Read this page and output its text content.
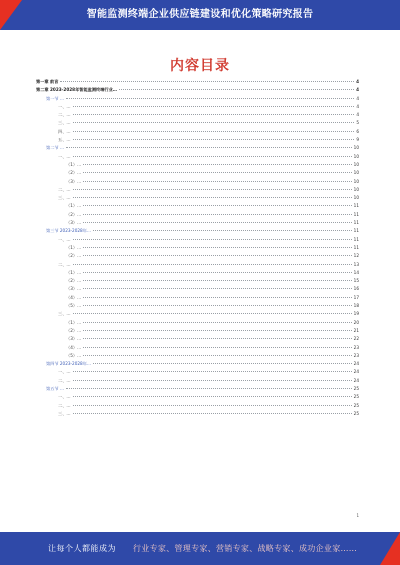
智能监测终端企业供应链建设和优化策略研究报告
内容目录
第一章 前言	4
第二章 2023-2028年智能监测终端行业…	4
第一节 …	4
一、…	4
二、…	4
三、…	5
四、…	6
五、…	9
第二节 …	10
一、…	10
（1）…	10
（2）…	10
（3）…	10
二、…	10
三、…	10
（1）…	11
（2）…	11
（3）…	11
第三节 2023-2028年…	11
一、…	11
（1）…	11
（2）…	12
二、…	13
（1）…	14
（2）…	15
（3）…	16
（4）…	17
（5）…	18
三、…	19
（1）…	20
（2）…	21
（3）…	22
（4）…	23
（5）…	23
第四节 2023-2028年…	24
一、…	24
二、…	24
第五节 …	25
一、…	25
二、…	25
三、…	25
1
让每个人都能成为 行业专家、管理专家、营销专家、战略专家、成功企业家……
